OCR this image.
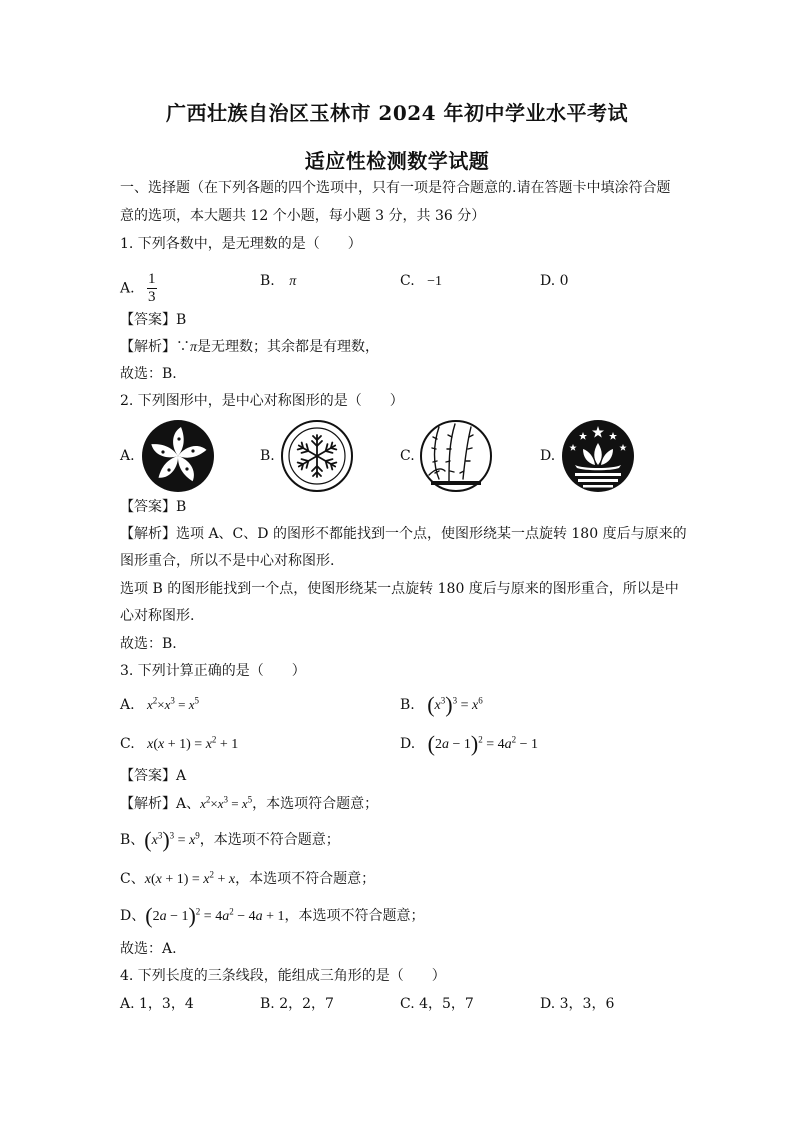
广西壮族自治区玉林市 2024 年初中学业水平考试
适应性检测数学试题
一、选择题（在下列各题的四个选项中，只有一项是符合题意的.请在答题卡中填涂符合题
意的选项，本大题共 12 个小题，每小题 3 分，共 36 分）
1. 下列各数中，是无理数的是（　　）
A. $\frac{1}{3}$	B. π	C. −1	D. 0
【答案】B
【解析】∵π是无理数；其余都是有理数，
故选：B.
2. 下列图形中，是中心对称图形的是（　　）
A.	B.	C.	D.
【答案】B
【解析】选项 A、C、D 的图形不都能找到一个点，使图形绕某一点旋转 180 度后与原来的
图形重合，所以不是中心对称图形.
选项 B 的图形能找到一个点，使图形绕某一点旋转 180 度后与原来的图形重合，所以是中
心对称图形.
故选：B.
3. 下列计算正确的是（　　）
A. $x^2\times x^3 = x^5$	B. $(x^3)^3 = x^6$
C. $x(x + 1) = x^2 + 1$	D. $(2a - 1)^2 = 4a^2 - 1$
【答案】A
【解析】A、$x^2\times x^3 = x^5$，本选项符合题意；
B、$(x^3)^3 = x^9$，本选项不符合题意；
C、$x(x + 1) = x^2 + x$，本选项不符合题意；
D、$(2a - 1)^2 = 4a^2 - 4a + 1$，本选项不符合题意；
故选：A.
4. 下列长度的三条线段，能组成三角形的是（　　）
A. 1，3，4	B. 2，2，7	C. 4，5，7	D. 3，3，6
